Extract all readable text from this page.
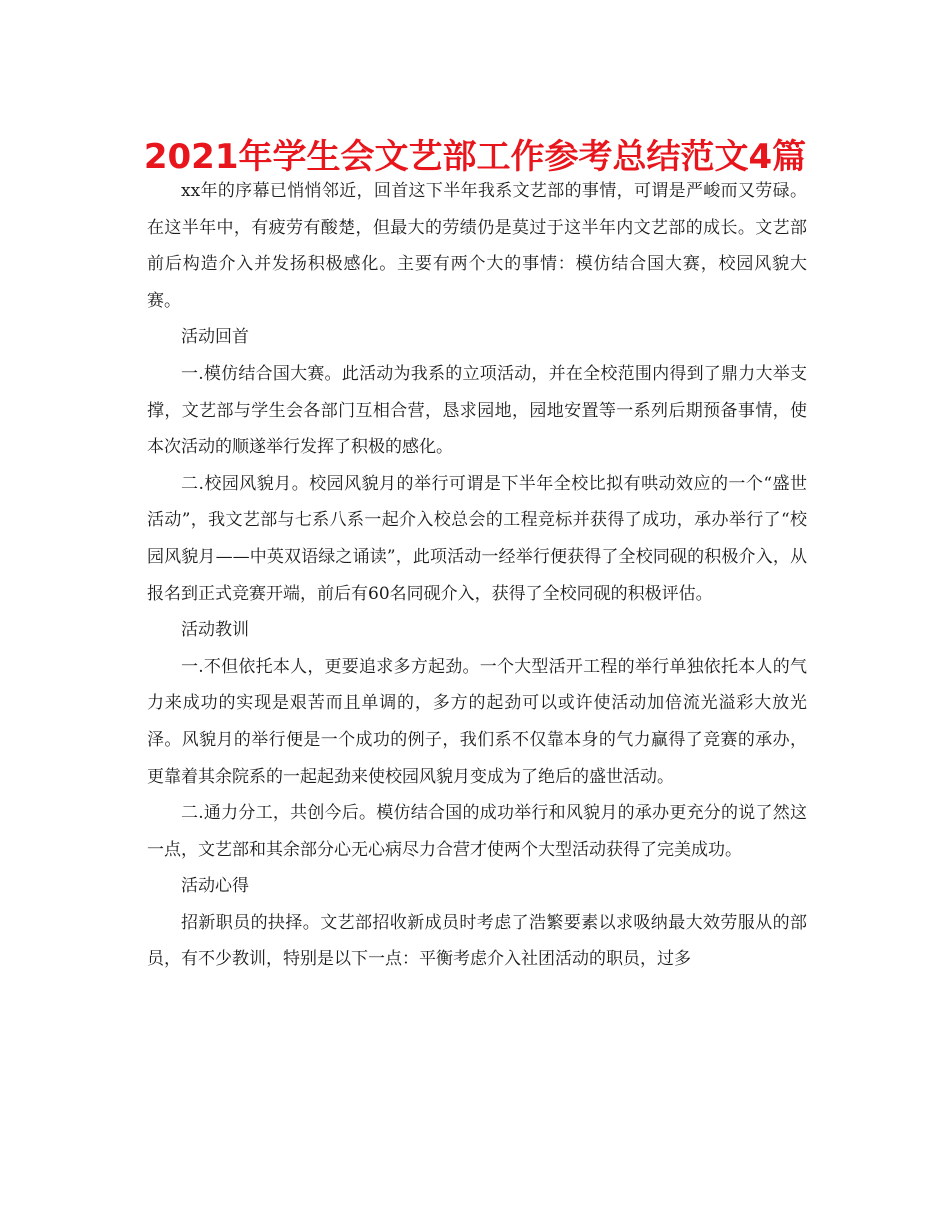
2021年学生会文艺部工作参考总结范文4篇

xx年的序幕已悄悄邻近，回首这下半年我系文艺部的事情，可谓是严峻而又劳碌。在这半年中，有疲劳有酸楚，但最大的劳绩仍是莫过于这半年内文艺部的成长。文艺部前后构造介入并发扬积极感化。主要有两个大的事情：模仿结合国大赛，校园风貌大赛。

活动回首

一.模仿结合国大赛。此活动为我系的立项活动，并在全校范围内得到了鼎力大举支撑，文艺部与学生会各部门互相合营，恳求园地，园地安置等一系列后期预备事情，使本次活动的顺遂举行发挥了积极的感化。

二.校园风貌月。校园风貌月的举行可谓是下半年全校比拟有哄动效应的一个“盛世活动”，我文艺部与七系八系一起介入校总会的工程竞标并获得了成功，承办举行了“校园风貌月——中英双语绿之诵读”，此项活动一经举行便获得了全校同砚的积极介入，从报名到正式竞赛开端，前后有60名同砚介入，获得了全校同砚的积极评估。

活动教训

一.不但依托本人，更要追求多方起劲。一个大型活开工程的举行单独依托本人的气力来成功的实现是艰苦而且单调的，多方的起劲可以或许使活动加倍流光溢彩大放光泽。风貌月的举行便是一个成功的例子，我们系不仅靠本身的气力赢得了竞赛的承办，更靠着其余院系的一起起劲来使校园风貌月变成为了绝后的盛世活动。

二.通力分工，共创今后。模仿结合国的成功举行和风貌月的承办更充分的说了然这一点，文艺部和其余部分心无心病尽力合营才使两个大型活动获得了完美成功。

活动心得

招新职员的抉择。文艺部招收新成员时考虑了浩繁要素以求吸纳最大效劳服从的部员，有不少教训，特别是以下一点：平衡考虑介入社团活动的职员，过多
